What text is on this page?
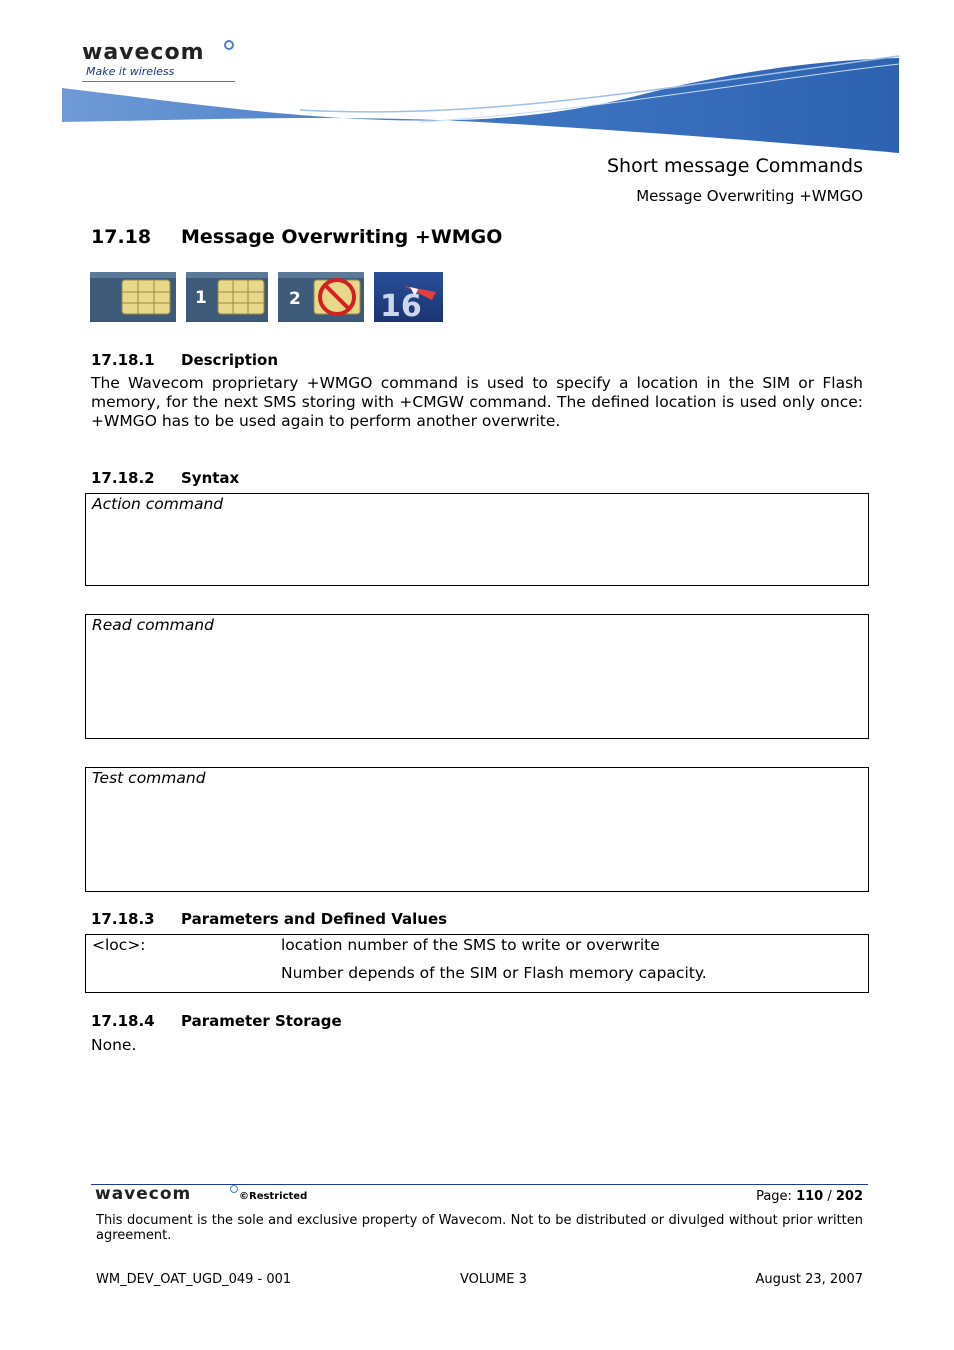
wavecom
Make it wireless
Short message Commands
Message Overwriting +WMGO
17.18 Message Overwriting +WMGO
1	2	16
17.18.1 Description
The Wavecom proprietary +WMGO command is used to specify a location in the SIM or Flash memory, for the next SMS storing with +CMGW command. The defined location is used only once: +WMGO has to be used again to perform another overwrite.
17.18.2 Syntax
Action command
Read command
Test command
17.18.3 Parameters and Defined Values
<loc>:	location number of the SMS to write or overwrite
Number depends of the SIM or Flash memory capacity.
17.18.4 Parameter Storage
None.
wavecom	©Restricted	Page: 110 / 202
This document is the sole and exclusive property of Wavecom. Not to be distributed or divulged without prior written agreement.
WM_DEV_OAT_UGD_049 - 001	VOLUME 3	August 23, 2007
